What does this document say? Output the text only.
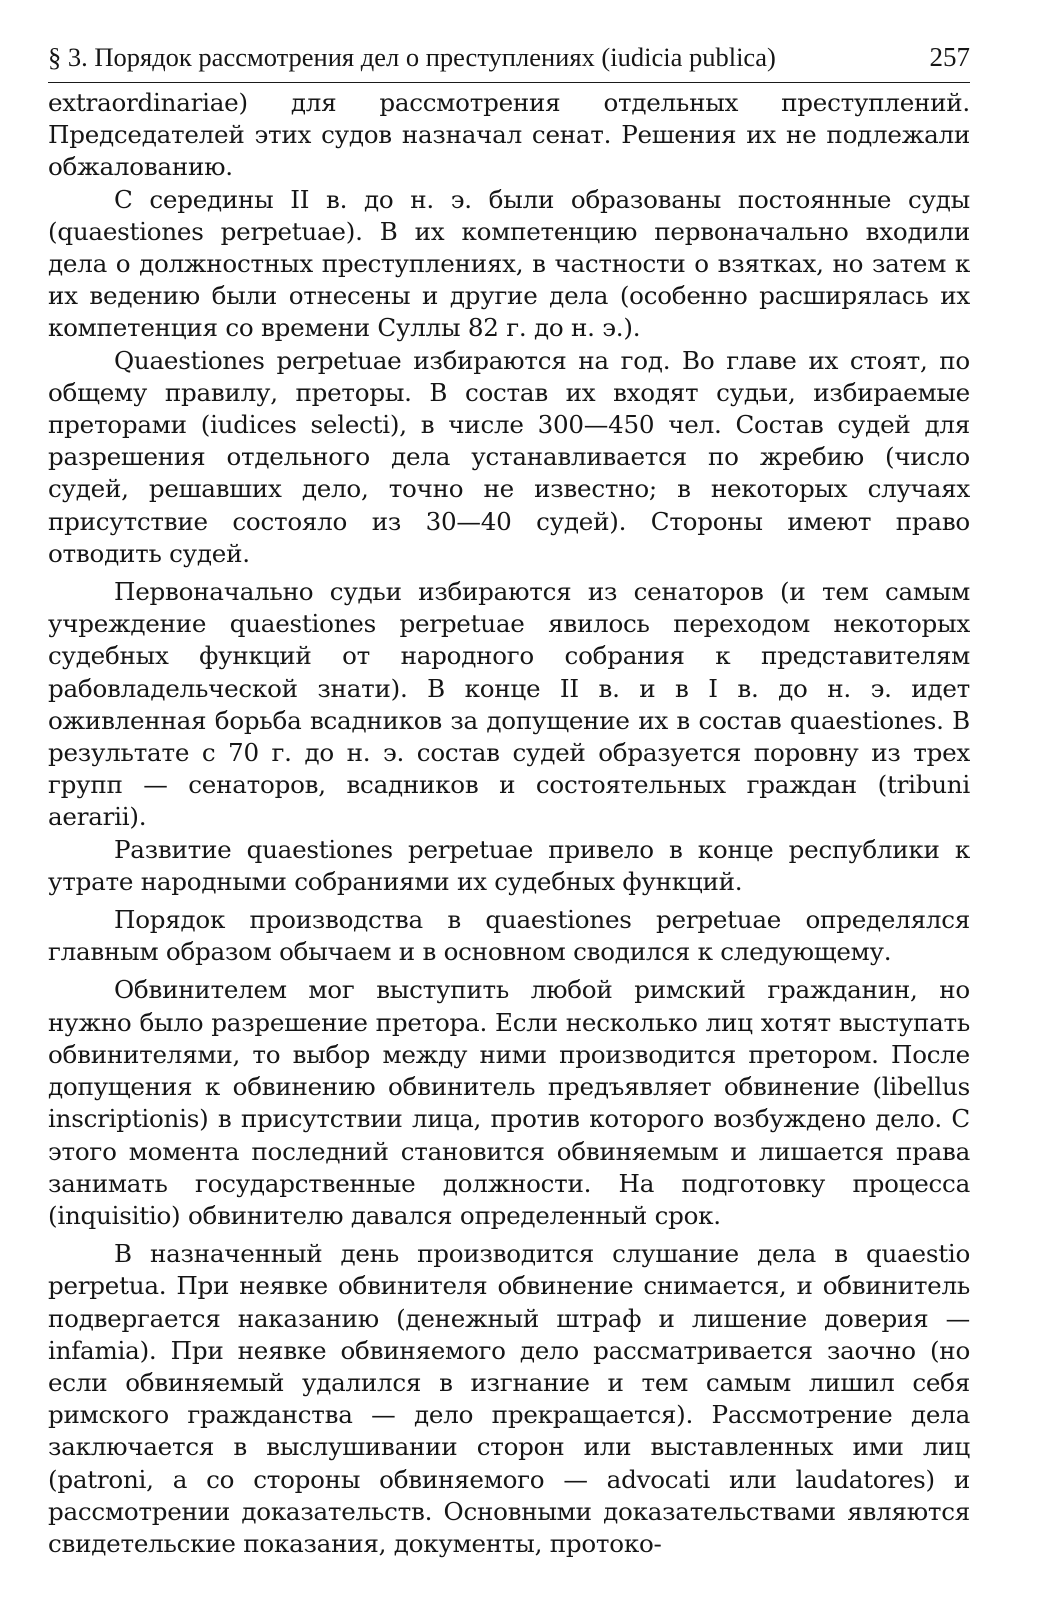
§ 3. Порядок рассмотрения дел о преступлениях (iudicia publica)	257

extraordinariae) для рассмотрения отдельных преступлений. Председателей этих судов назначал сенат. Решения их не подлежали обжалованию.

С середины II в. до н. э. были образованы постоянные суды (quaestiones perpetuae). В их компетенцию первоначально входили дела о должностных преступлениях, в частности о взятках, но затем к их ведению были отнесены и другие дела (особенно расширялась их компетенция со времени Суллы 82 г. до н. э.).

Quaestiones perpetuae избираются на год. Во главе их стоят, по общему правилу, преторы. В состав их входят судьи, избираемые преторами (iudices selecti), в числе 300—450 чел. Состав судей для разрешения отдельного дела устанавливается по жребию (число судей, решавших дело, точно не известно; в некоторых случаях присутствие состояло из 30—40 судей). Стороны имеют право отводить судей.

Первоначально судьи избираются из сенаторов (и тем самым учреждение quaestiones perpetuae явилось переходом некоторых судебных функций от народного собрания к представителям рабовладельческой знати). В конце II в. и в I в. до н. э. идет оживленная борьба всадников за допущение их в состав quaestiones. В результате с 70 г. до н. э. состав судей образуется поровну из трех групп — сенаторов, всадников и состоятельных граждан (tribuni aerarii).

Развитие quaestiones perpetuae привело в конце республики к утрате народными собраниями их судебных функций.

Порядок производства в quaestiones perpetuae определялся главным образом обычаем и в основном сводился к следующему.

Обвинителем мог выступить любой римский гражданин, но нужно было разрешение претора. Если несколько лиц хотят выступать обвинителями, то выбор между ними производится претором. После допущения к обвинению обвинитель предъявляет обвинение (libellus inscriptionis) в присутствии лица, против которого возбуждено дело. С этого момента последний становится обвиняемым и лишается права занимать государственные должности. На подготовку процесса (inquisitio) обвинителю давался определенный срок.

В назначенный день производится слушание дела в quaestio perpetua. При неявке обвинителя обвинение снимается, и обвинитель подвергается наказанию (денежный штраф и лишение доверия — infamia). При неявке обвиняемого дело рассматривается заочно (но если обвиняемый удалился в изгнание и тем самым лишил себя римского гражданства — дело прекращается). Рассмотрение дела заключается в выслушивании сторон или выставленных ими лиц (patroni, а со стороны обвиняемого — advocati или laudatores) и рассмотрении доказательств. Основными доказательствами являются свидетельские показания, документы, протоко-
